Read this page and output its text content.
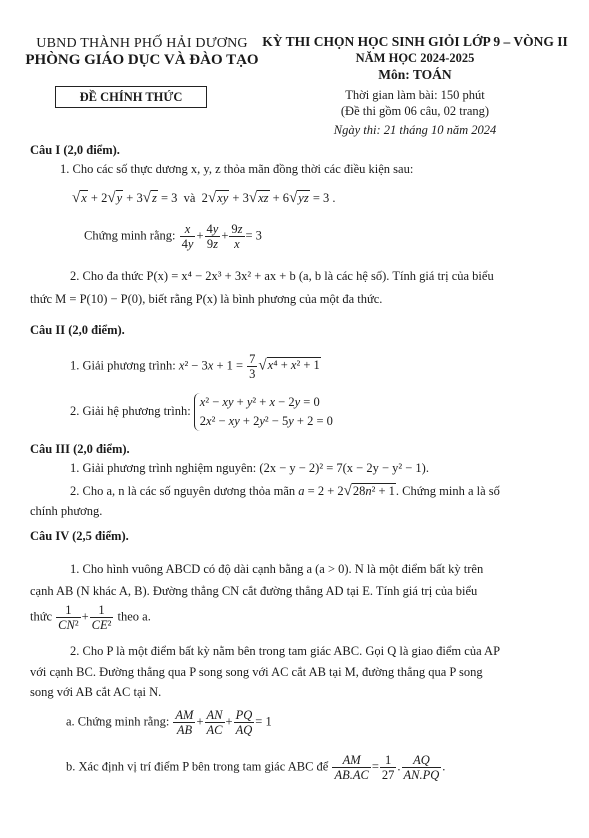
UBND THÀNH PHỐ HẢI DƯƠNG
PHÒNG GIÁO DỤC VÀ ĐÀO TẠO
ĐỀ CHÍNH THỨC
KỲ THI CHỌN HỌC SINH GIỎI LỚP 9 – VÒNG II
NĂM HỌC 2024-2025
Môn: TOÁN
Thời gian làm bài: 150 phút
(Đề thi gồm 06 câu, 02 trang)
Ngày thi: 21 tháng 10 năm 2024
Câu I (2,0 điểm).
1. Cho các số thực dương x, y, z thỏa mãn đồng thời các điều kiện sau:
√x + 2√y + 3√z = 3  và  2√xy + 3√xz + 6√yz = 3 .
Chứng minh rằng: $\frac{x}{4y} + \frac{4y}{9z} + \frac{9z}{x} = 3$
2. Cho đa thức P(x) = x⁴ − 2x³ + 3x² + ax + b (a, b là các hệ số). Tính giá trị của biểu
thức M = P(10) − P(0), biết rằng P(x) là bình phương của một đa thức.
Câu II (2,0 điểm).
1. Giải phương trình: $x^2 - 3x + 1 = \frac{7}{3} √x^4 + x^2 + 1$
2. Giải hệ phương trình: x² − xy + y² + x − 2y = 0
2x² − xy + 2y² − 5y + 2 = 0
Câu III (2,0 điểm).
1. Giải phương trình nghiệm nguyên: (2x − y − 2)² = 7(x − 2y − y² − 1).
2. Cho a, n là các số nguyên dương thỏa mãn a = 2 + 2√28n² + 1. Chứng minh a là số
chính phương.
Câu IV (2,5 điểm).
1. Cho hình vuông ABCD có độ dài cạnh bằng a (a > 0). N là một điểm bất kỳ trên
cạnh AB (N khác A, B). Đường thẳng CN cắt đường thẳng AD tại E. Tính giá trị của biểu
thức $\frac{1}{\text{CN²}} + \frac{1}{\text{CE²}}$ theo a.
2. Cho P là một điểm bất kỳ nằm bên trong tam giác ABC. Gọi Q là giao điểm của AP
với cạnh BC. Đường thẳng qua P song song với AC cắt AB tại M, đường thẳng qua P song
song với AB cắt AC tại N.
a. Chứng minh rằng: $\frac{AM}{AB} + \frac{AN}{AC} + \frac{PQ}{AQ} = 1$
b. Xác định vị trí điểm P bên trong tam giác ABC để $\frac{AM}{AB.AC} = \frac{1}{27}$ . $\frac{AQ}{AN.PQ}$ .
